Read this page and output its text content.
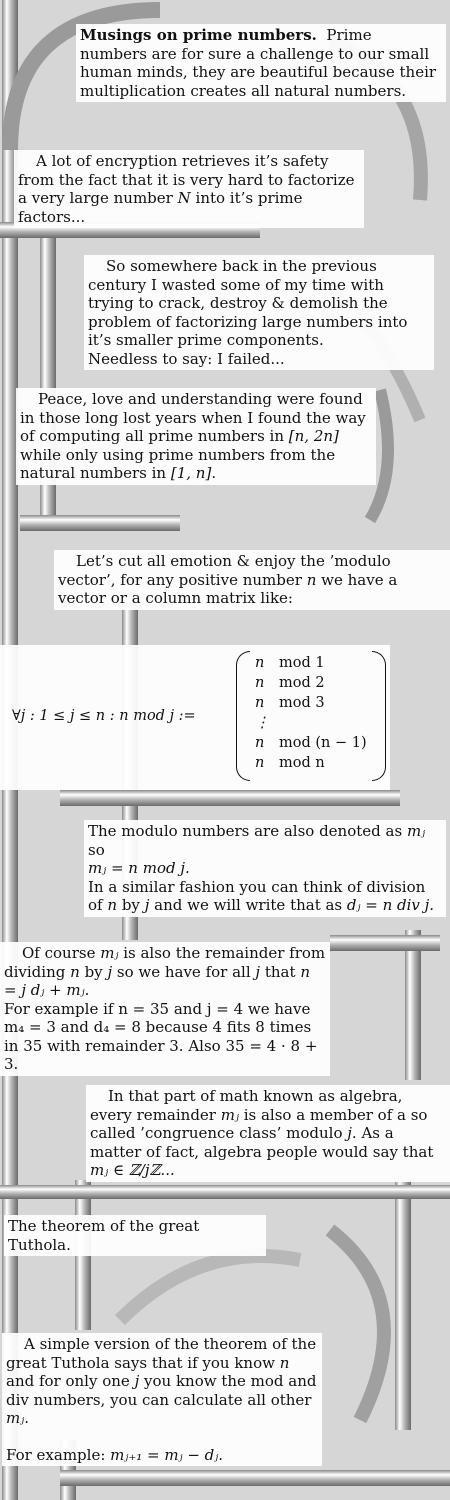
Musings on prime numbers. Prime numbers are for sure a challenge to our small human minds, they are beautiful because their multiplication creates all natural numbers.

A lot of encryption retrieves it’s safety from the fact that it is very hard to factorize a very large number N into it’s prime factors...

So somewhere back in the previous century I wasted some of my time with trying to crack, destroy & demolish the problem of factorizing large numbers into it’s smaller prime components.

Needless to say: I failed...

Peace, love and understanding were found in those long lost years when I found the way of computing all prime numbers in [n, 2n] while only using prime numbers from the natural numbers in [1, n].

Let’s cut all emotion & enjoy the ’modulo vector’, for any positive number n we have a vector or a column matrix like:

∀j : 1 ≤ j ≤ n : n mod j :=
n mod 1
n mod 2
n mod 3
⋮
n mod (n − 1)
n mod n

The modulo numbers are also denoted as mⱼ so

mⱼ = n mod j.

In a similar fashion you can think of division of n by j and we will write that as dⱼ = n div j.

Of course mⱼ is also the remainder from dividing n by j so we have for all j that n = j dⱼ + mⱼ.

For example if n = 35 and j = 4 we have m₄ = 3 and d₄ = 8 because 4 fits 8 times in 35 with remainder 3. Also 35 = 4 · 8 + 3.

In that part of math known as algebra, every remainder mⱼ is also a member of a so called ’congruence class’ modulo j. As a matter of fact, algebra people would say that mⱼ ∈ ℤ/jℤ...

The theorem of the great Tuthola.

A simple version of the theorem of the great Tuthola says that if you know n and for only one j you know the mod and div numbers, you can calculate all other mⱼ.

For example: mⱼ₊₁ = mⱼ − dⱼ.
